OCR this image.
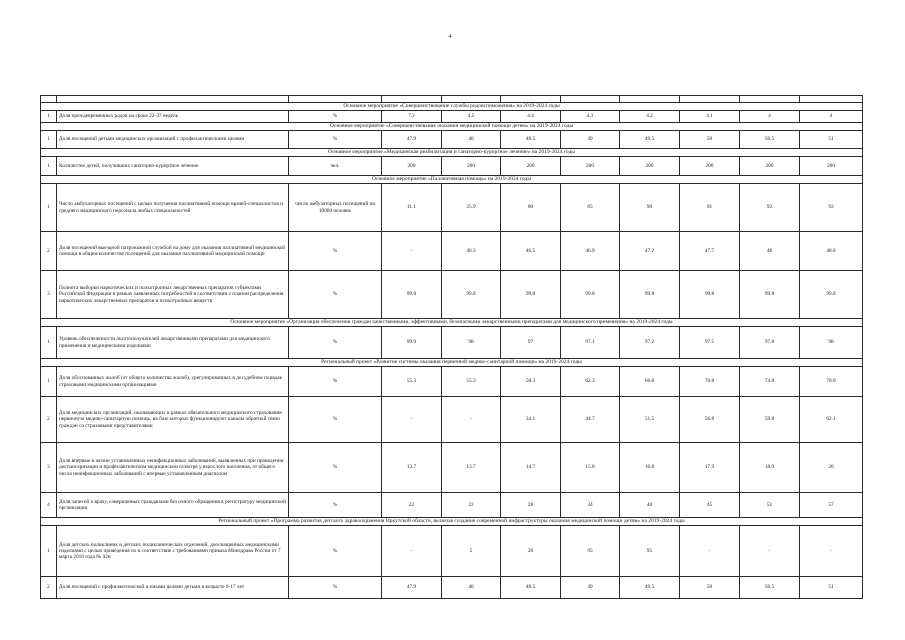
4

Основное мероприятие «Совершенствование службы родовспоможения» на 2019-2024 годы										
1	Доля преждевременных родов на сроке 22-37 недель	%	7.2	4.5	4.4	4.3	4.2	4.1	4	4
Основное мероприятие «Совершенствование оказания медицинской помощи детям» на 2019-2024 годы										
1	Доля посещений детьми медицинских организаций с профилактическими целями	%	47.9	48	48.5	49	49.5	50	50.5	51
Основное мероприятие «Медицинская реабилитация и санаторно-курортное лечение» на 2019-2024 годы										
1	Количество детей, получивших санаторно-курортное лечение	чел.	200	200	200	200	200	200	200	200
Основное мероприятие «Паллиативная помощь» на 2019-2024 годы										
1	Число амбулаторных посещений с целью получения паллиативной помощи врачей-специалистов и среднего медицинского персонала любых специальностей	число амбулаторных посещений на 10000 человек	11.1	25.9	80	85	90	91	92	93
2	Доля посещений выездной патронажной службой на дому для оказания паллиативной медицинской помощи в общем количестве посещений для оказания паллиативной медицинской помощи	%	-	46.3	46.5	46.9	47.2	47.7	48	48.8
3	Полнота выборки наркотических и психотропных лекарственных препаратов субъектами Российской Федерации в рамках заявленных потребностей в соответствии с планом распределения наркотических лекарственных препаратов и психотропных веществ	%	99.8	99.8	99.8	99.8	99.8	99.8	99.8	99.8
Основное мероприятие «Организация обеспечения граждан качественными, эффективными, безопасными лекарственными препаратами для медицинского применения» на 2019-2024 годы										
1	Уровень обеспеченности льготополучателей лекарственными препаратами для медицинского применения и медицинскими изделиями	%	99.9	98	97	97.1	97.2	97.5	97.8	98
Региональный проект «Развитие системы оказания первичной медико-санитарной помощи» на 2019-2024 годы										
1	Доля обоснованных жалоб (от общего количества жалоб), урегулированных в досудебном порядке страховыми медицинскими организациями	%	55.3	55.3	58.3	62.3	66.8	70.8	74.8	78.8
2	Доля медицинских организаций, оказывающих в рамках обязательного медицинского страхования первичную медико-санитарную помощь, на базе которых функционируют каналы обратной связи граждан со страховыми представителями	%	-	-	34.1	44.7	51.5	56.8	59.8	62.1
3	Доля впервые в жизни установленных неинфекционных заболеваний, выявленных при проведении диспансеризации и профилактическом медицинском осмотре у взрослого населения, от общего числа неинфекционных заболеваний с впервые установленным диагнозом	%	13.7	13.7	14.7	15.8	16.8	17.9	18.9	20
4	Доля записей к врачу, совершенных гражданами без очного обращения в регистратуру медицинской организации	%	22	22	28	34	40	45	51	57
Региональный проект «Программа развития детского здравоохранения Иркутской области, включая создание современной инфраструктуры оказания медицинской помощи детям» на 2019-2024 годы										
1	Доля детских поликлиник и детских поликлинических отделений, дооснащенных медицинскими изделиями с целью приведения их в соответствие с требованиями приказа Минздрава России от 7 марта 2018 года № 92н	%	-	5	20	95	95	-	-	-
2	Доля посещений с профилактической и иными целями детьми в возрасте 0-17 лет	%	47.9	48	48.5	49	49.5	50	50.5	51
